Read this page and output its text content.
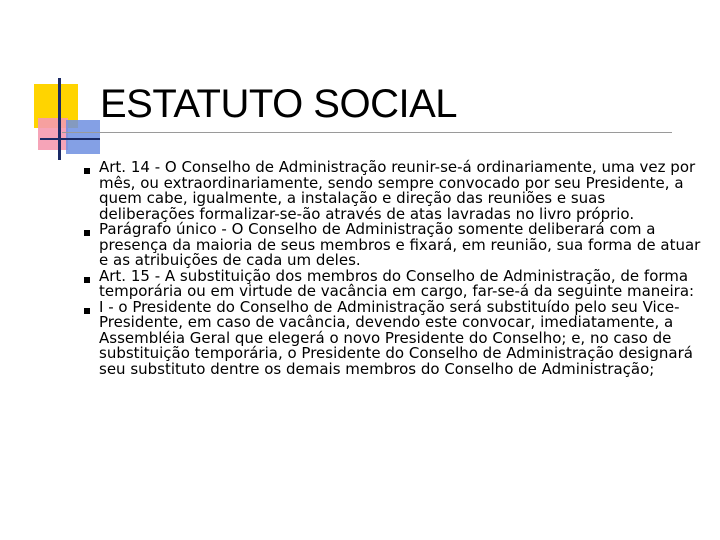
ESTATUTO SOCIAL
Art. 14 - O Conselho de Administração reunir-se-á ordinariamente, uma vez por mês, ou extraordinariamente, sendo sempre convocado por seu Presidente, a quem cabe, igualmente, a instalação e direção das reuniões e suas deliberações formalizar-se-ão através de atas lavradas no livro próprio.
Parágrafo único - O Conselho de Administração somente deliberará com a presença da maioria de seus membros e fixará, em reunião, sua forma de atuar e as atribuições de cada um deles.
Art. 15 - A substituição dos membros do Conselho de Administração, de forma temporária ou em virtude de vacância em cargo, far-se-á da seguinte maneira:
I - o Presidente do Conselho de Administração será substituído pelo seu Vice-Presidente, em caso de vacância, devendo este convocar, imediatamente, a Assembléia Geral que elegerá o novo Presidente do Conselho; e, no caso de substituição temporária, o Presidente do Conselho de Administração designará seu substituto dentre os demais membros do Conselho de Administração;
